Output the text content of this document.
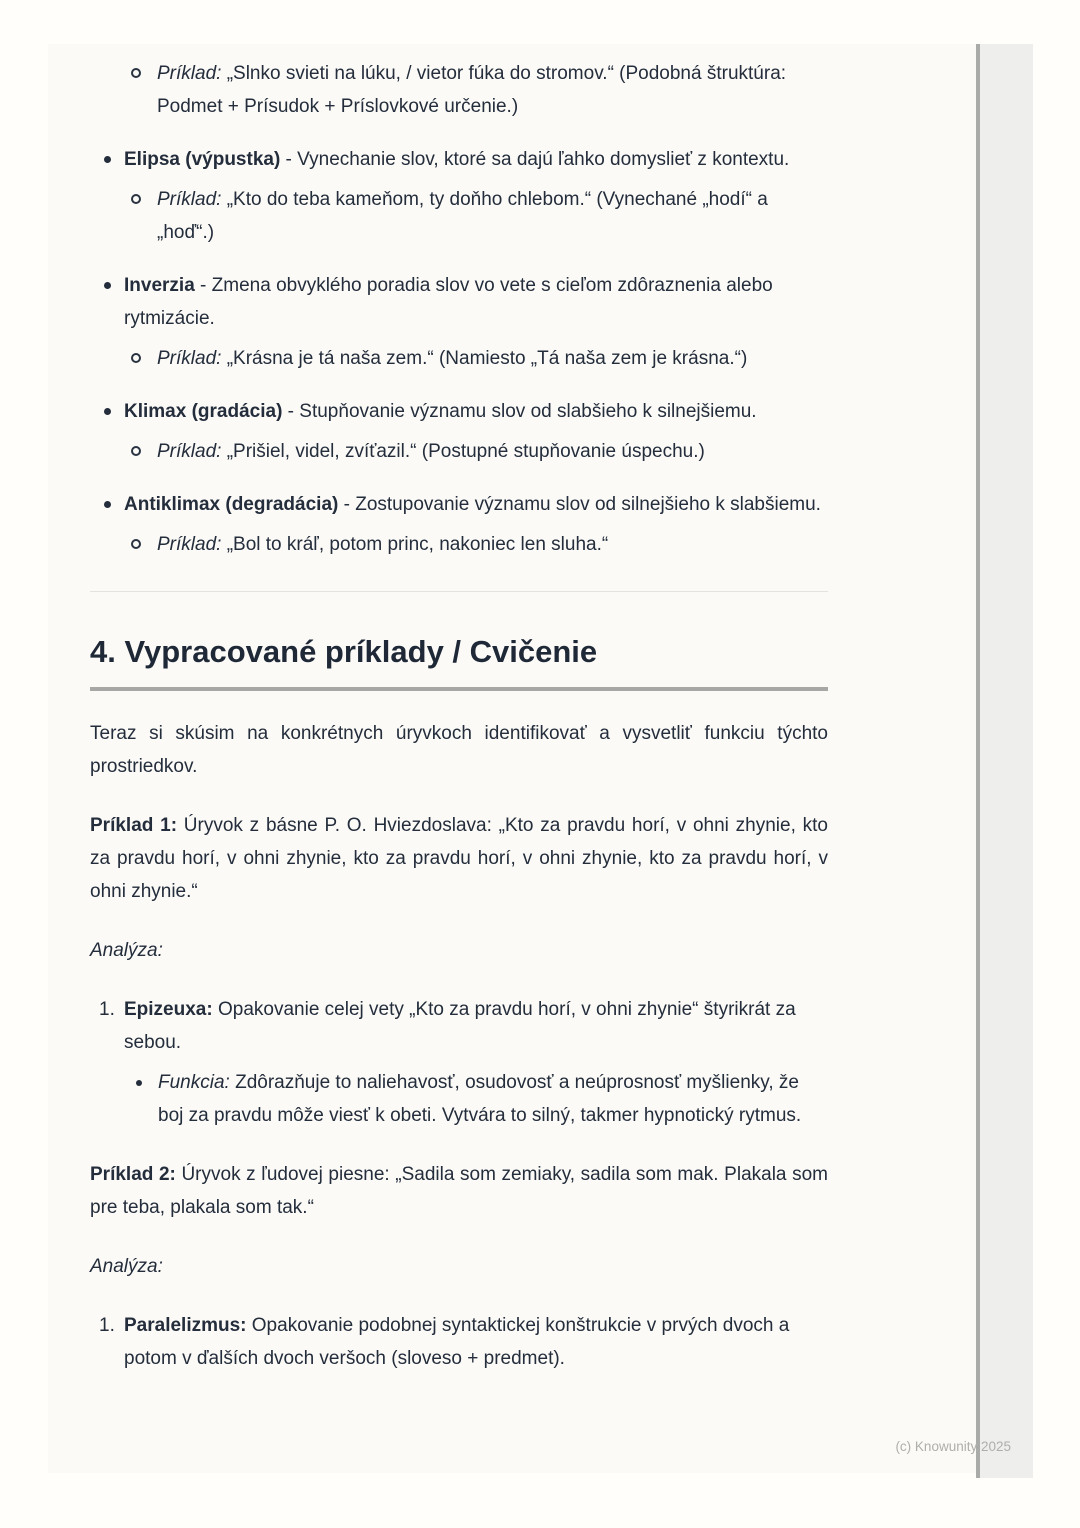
Príklad: „Slnko svieti na lúku, / vietor fúka do stromov.“ (Podobná štruktúra: Podmet + Prísudok + Príslovkové určenie.)
Elipsa (výpustka) - Vynechanie slov, ktoré sa dajú ľahko domyslieť z kontextu.
Príklad: „Kto do teba kameňom, ty doňho chlebom.“ (Vynechané „hodí“ a „hoď“.)
Inverzia - Zmena obvyklého poradia slov vo vete s cieľom zdôraznenia alebo rytmizácie.
Príklad: „Krásna je tá naša zem.“ (Namiesto „Tá naša zem je krásna.“)
Klimax (gradácia) - Stupňovanie významu slov od slabšieho k silnejšiemu.
Príklad: „Prišiel, videl, zvíťazil.“ (Postupné stupňovanie úspechu.)
Antiklimax (degradácia) - Zostupovanie významu slov od silnejšieho k slabšiemu.
Príklad: „Bol to kráľ, potom princ, nakoniec len sluha.“
4. Vypracované príklady / Cvičenie

Teraz si skúsim na konkrétnych úryvkoch identifikovať a vysvetliť funkciu týchto prostriedkov.

Príklad 1: Úryvok z básne P. O. Hviezdoslava: „Kto za pravdu horí, v ohni zhynie, kto za pravdu horí, v ohni zhynie, kto za pravdu horí, v ohni zhynie, kto za pravdu horí, v ohni zhynie.“

Analýza:

1. Epizeuxa: Opakovanie celej vety „Kto za pravdu horí, v ohni zhynie“ štyrikrát za sebou.
Funkcia: Zdôrazňuje to naliehavosť, osudovosť a neúprosnosť myšlienky, že boj za pravdu môže viesť k obeti. Vytvára to silný, takmer hypnotický rytmus.

Príklad 2: Úryvok z ľudovej piesne: „Sadila som zemiaky, sadila som mak. Plakala som pre teba, plakala som tak.“

Analýza:

1. Paralelizmus: Opakovanie podobnej syntaktickej konštrukcie v prvých dvoch a potom v ďalších dvoch veršoch (sloveso + predmet).
(c) Knowunity 2025
